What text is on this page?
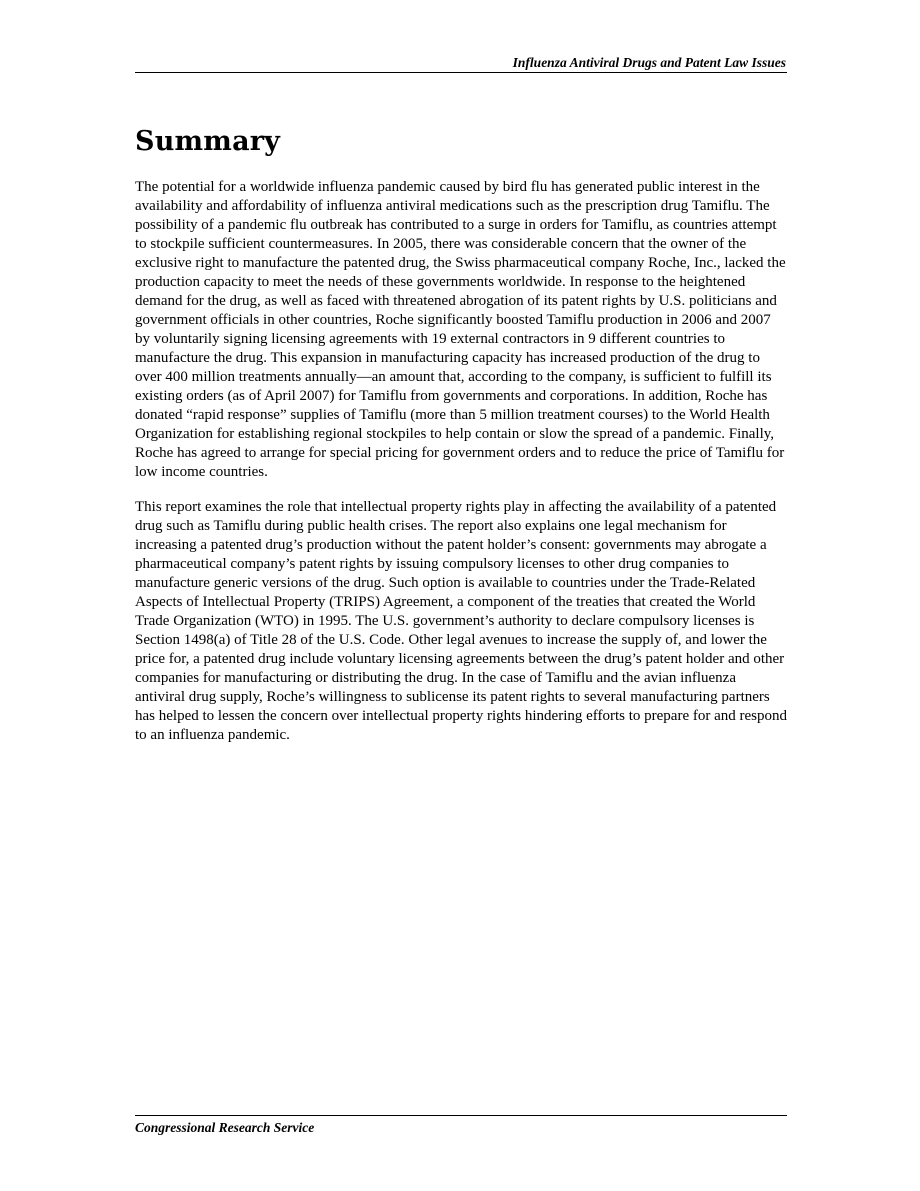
Influenza Antiviral Drugs and Patent Law Issues
Summary

The potential for a worldwide influenza pandemic caused by bird flu has generated public interest in the availability and affordability of influenza antiviral medications such as the prescription drug Tamiflu. The possibility of a pandemic flu outbreak has contributed to a surge in orders for Tamiflu, as countries attempt to stockpile sufficient countermeasures. In 2005, there was considerable concern that the owner of the exclusive right to manufacture the patented drug, the Swiss pharmaceutical company Roche, Inc., lacked the production capacity to meet the needs of these governments worldwide. In response to the heightened demand for the drug, as well as faced with threatened abrogation of its patent rights by U.S. politicians and government officials in other countries, Roche significantly boosted Tamiflu production in 2006 and 2007 by voluntarily signing licensing agreements with 19 external contractors in 9 different countries to manufacture the drug. This expansion in manufacturing capacity has increased production of the drug to over 400 million treatments annually—an amount that, according to the company, is sufficient to fulfill its existing orders (as of April 2007) for Tamiflu from governments and corporations. In addition, Roche has donated “rapid response” supplies of Tamiflu (more than 5 million treatment courses) to the World Health Organization for establishing regional stockpiles to help contain or slow the spread of a pandemic. Finally, Roche has agreed to arrange for special pricing for government orders and to reduce the price of Tamiflu for low income countries.

This report examines the role that intellectual property rights play in affecting the availability of a patented drug such as Tamiflu during public health crises. The report also explains one legal mechanism for increasing a patented drug’s production without the patent holder’s consent: governments may abrogate a pharmaceutical company’s patent rights by issuing compulsory licenses to other drug companies to manufacture generic versions of the drug. Such option is available to countries under the Trade-Related Aspects of Intellectual Property (TRIPS) Agreement, a component of the treaties that created the World Trade Organization (WTO) in 1995. The U.S. government’s authority to declare compulsory licenses is Section 1498(a) of Title 28 of the U.S. Code. Other legal avenues to increase the supply of, and lower the price for, a patented drug include voluntary licensing agreements between the drug’s patent holder and other companies for manufacturing or distributing the drug. In the case of Tamiflu and the avian influenza antiviral drug supply, Roche’s willingness to sublicense its patent rights to several manufacturing partners has helped to lessen the concern over intellectual property rights hindering efforts to prepare for and respond to an influenza pandemic.

Congressional Research Service
